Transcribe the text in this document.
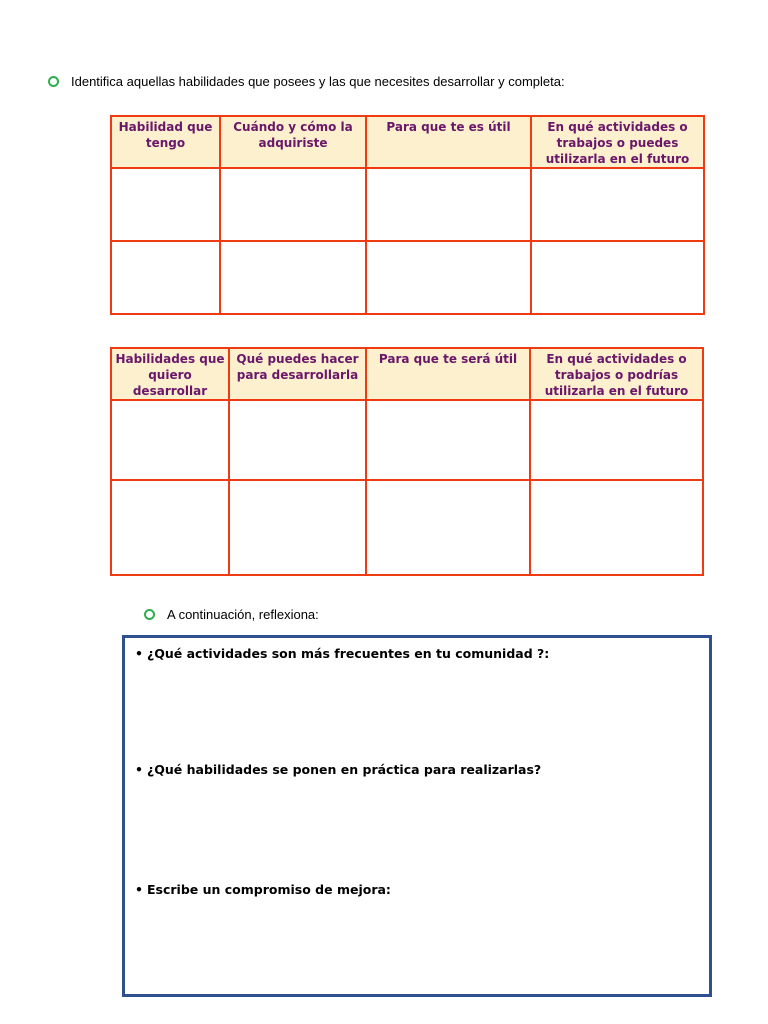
Identifica aquellas habilidades que posees y las que necesites desarrollar y completa:
Habilidad que tengo	Cuándo y cómo la adquiriste	Para que te es útil	En qué actividades o trabajos o puedes utilizarla en el futuro

Habilidades que quiero desarrollar	Qué puedes hacer para desarrollarla	Para que te será útil	En qué actividades o trabajos o podrías utilizarla en el futuro

A continuación, reflexiona:
• ¿Qué actividades son más frecuentes en tu comunidad ?:
• ¿Qué habilidades se ponen en práctica para realizarlas?
• Escribe un compromiso de mejora:
